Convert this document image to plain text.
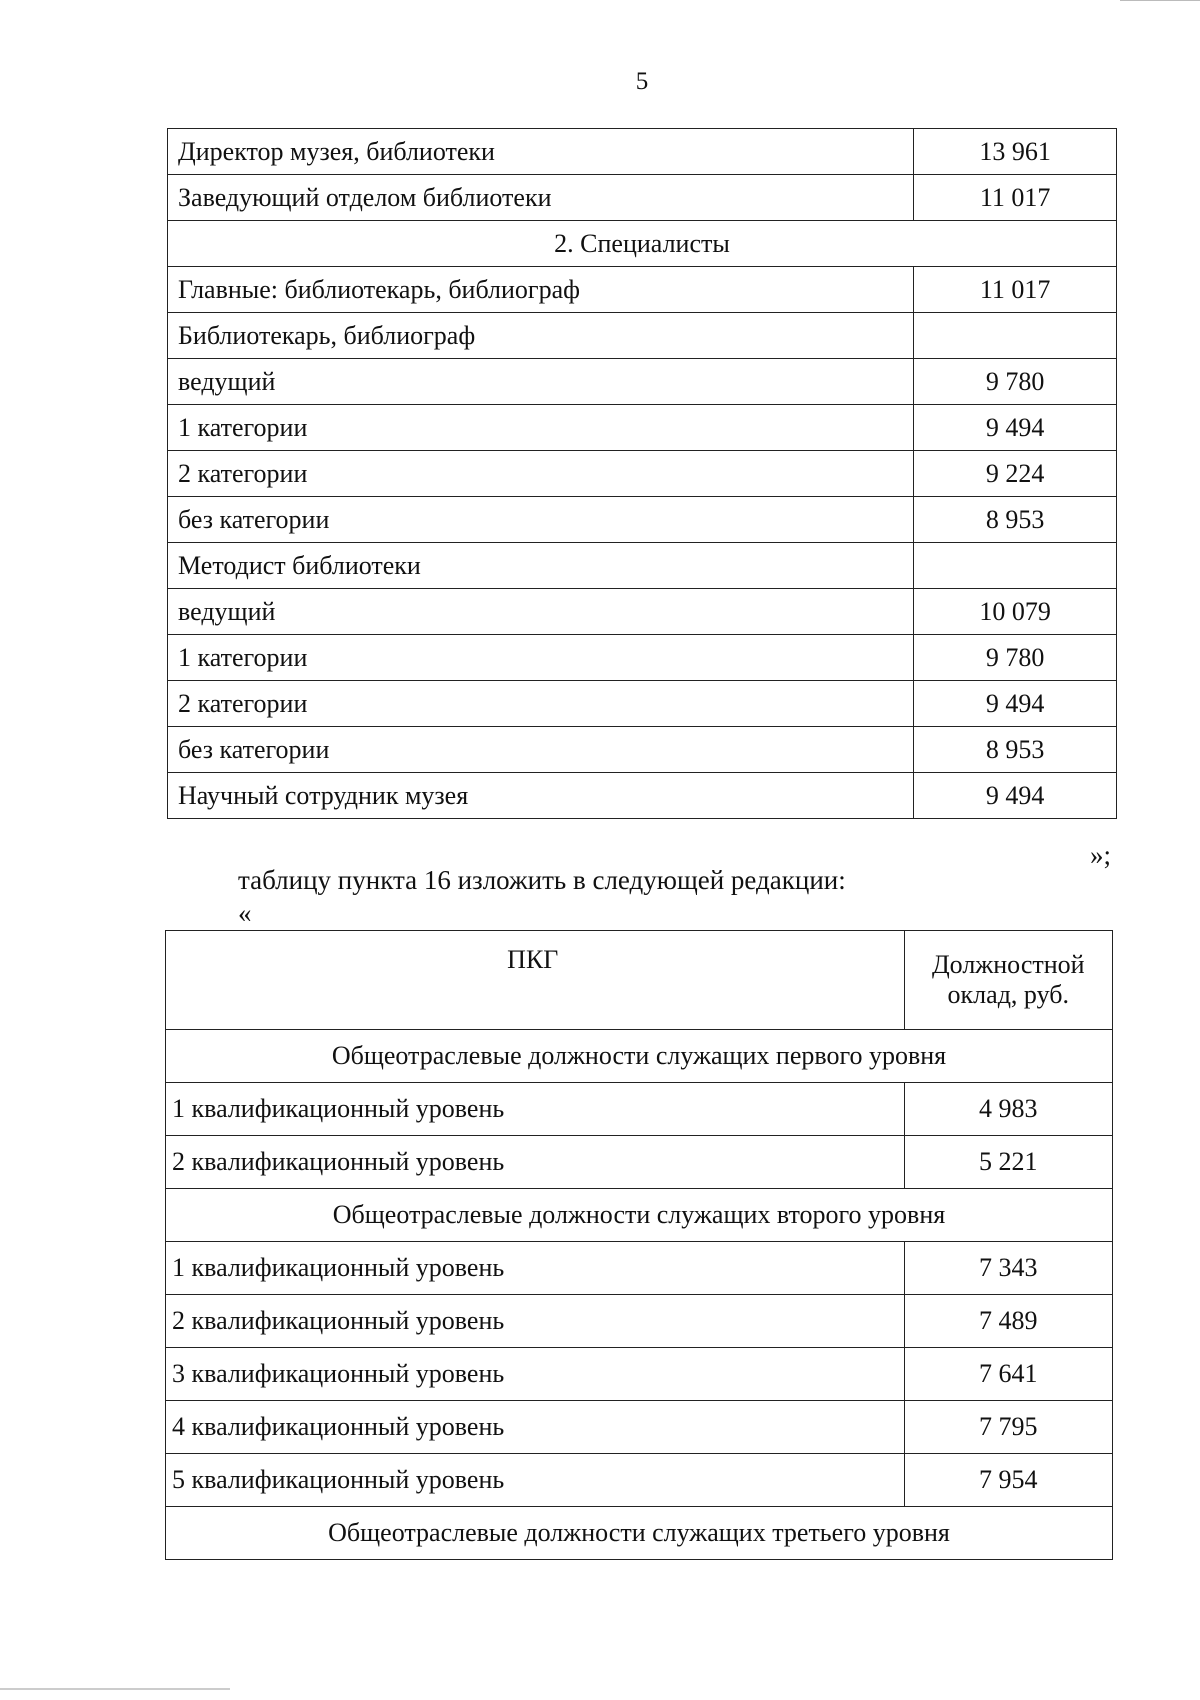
5
Директор музея, библиотеки	13 961
Заведующий отделом библиотеки	11 017
2. Специалисты	
Главные: библиотекарь, библиограф	11 017
Библиотекарь, библиограф	
ведущий	9 780
1 категории	9 494
2 категории	9 224
без категории	8 953
Методист библиотеки	
ведущий	10 079
1 категории	9 780
2 категории	9 494
без категории	8 953
Научный сотрудник музея	9 494
»;
таблицу пункта 16 изложить в следующей редакции:
«
ПКГ	Должностной
оклад, руб.
Общеотраслевые должности служащих первого уровня	
1 квалификационный уровень	4 983
2 квалификационный уровень	5 221
Общеотраслевые должности служащих второго уровня	
1 квалификационный уровень	7 343
2 квалификационный уровень	7 489
3 квалификационный уровень	7 641
4 квалификационный уровень	7 795
5 квалификационный уровень	7 954
Общеотраслевые должности служащих третьего уровня	
